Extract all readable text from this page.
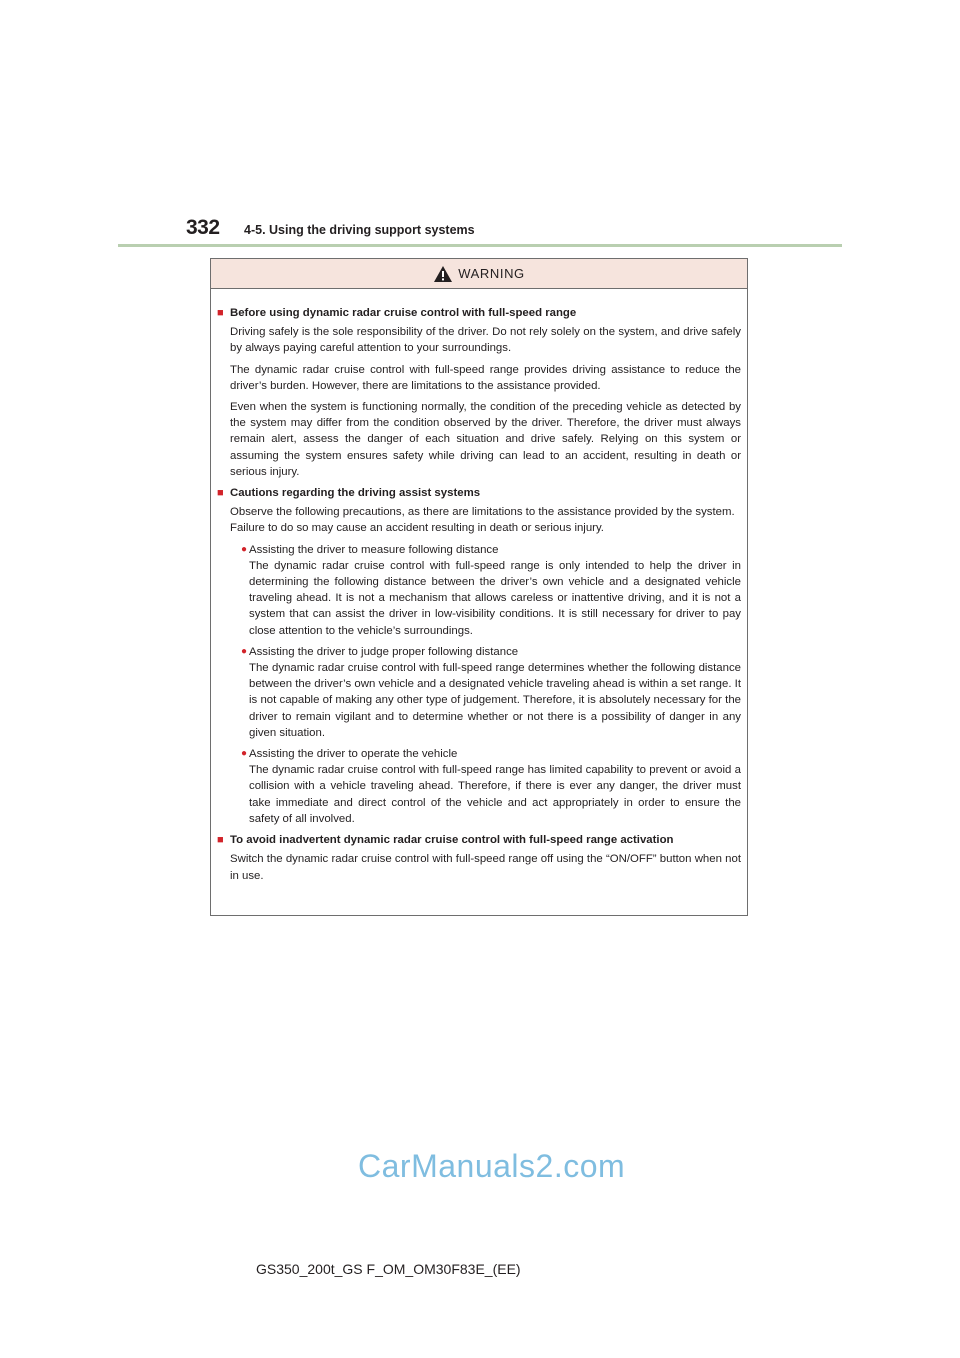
332 4-5. Using the driving support systems
WARNING
■ Before using dynamic radar cruise control with full-speed range

Driving safely is the sole responsibility of the driver. Do not rely solely on the system, and drive safely by always paying careful attention to your surroundings.

The dynamic radar cruise control with full-speed range provides driving assistance to reduce the driver’s burden. However, there are limitations to the assistance provided.

Even when the system is functioning normally, the condition of the preceding vehicle as detected by the system may differ from the condition observed by the driver. Therefore, the driver must always remain alert, assess the danger of each situation and drive safely. Relying on this system or assuming the system ensures safety while driving can lead to an accident, resulting in death or serious injury.

■ Cautions regarding the driving assist systems

Observe the following precautions, as there are limitations to the assistance provided by the system.

Failure to do so may cause an accident resulting in death or serious injury.

● Assisting the driver to measure following distance
The dynamic radar cruise control with full-speed range is only intended to help the driver in determining the following distance between the driver’s own vehicle and a designated vehicle traveling ahead. It is not a mechanism that allows careless or inattentive driving, and it is not a system that can assist the driver in low-visibility conditions. It is still necessary for driver to pay close attention to the vehicle’s surroundings.
● Assisting the driver to judge proper following distance
The dynamic radar cruise control with full-speed range determines whether the following distance between the driver’s own vehicle and a designated vehicle traveling ahead is within a set range. It is not capable of making any other type of judgement. Therefore, it is absolutely necessary for the driver to remain vigilant and to determine whether or not there is a possibility of danger in any given situation.
● Assisting the driver to operate the vehicle
The dynamic radar cruise control with full-speed range has limited capability to prevent or avoid a collision with a vehicle traveling ahead. Therefore, if there is ever any danger, the driver must take immediate and direct control of the vehicle and act appropriately in order to ensure the safety of all involved.
■ To avoid inadvertent dynamic radar cruise control with full-speed range activation

Switch the dynamic radar cruise control with full-speed range off using the “ON/OFF” button when not in use.

CarManuals2.com
GS350_200t_GS F_OM_OM30F83E_(EE)
